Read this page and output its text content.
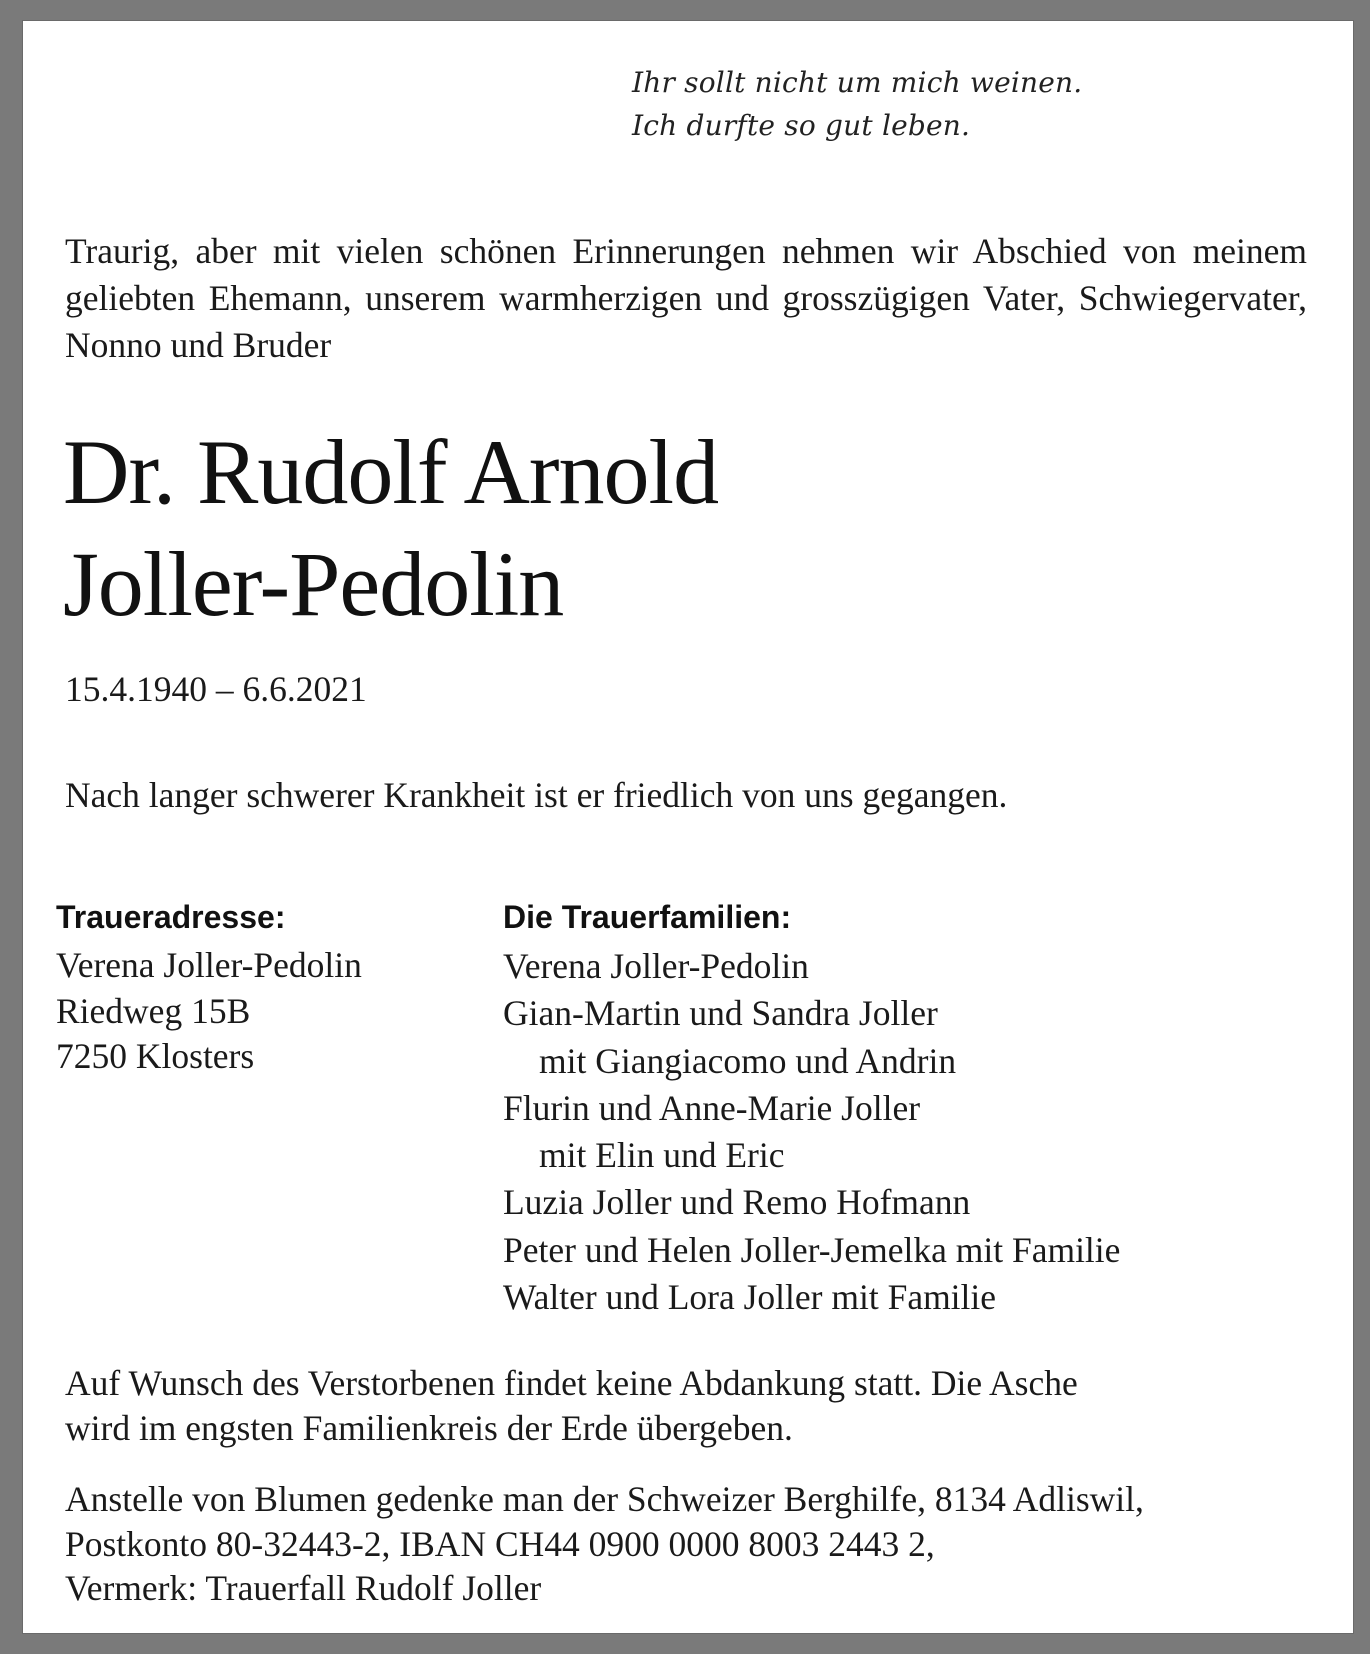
Ihr sollt nicht um mich weinen.
Ich durfte so gut leben.
Traurig, aber mit vielen schönen Erinnerungen nehmen wir Abschied von meinem geliebten Ehemann, unserem warmherzigen und grosszügigen Vater, Schwiegervater, Nonno und Bruder
Dr. Rudolf Arnold
Joller-Pedolin
15.4.1940 – 6.6.2021
Nach langer schwerer Krankheit ist er friedlich von uns gegangen.
Traueradresse:
Verena Joller-Pedolin
Riedweg 15B
7250 Klosters
Die Trauerfamilien:
Verena Joller-Pedolin
Gian-Martin und Sandra Joller
mit Giangiacomo und Andrin
Flurin und Anne-Marie Joller
mit Elin und Eric
Luzia Joller und Remo Hofmann
Peter und Helen Joller-Jemelka mit Familie
Walter und Lora Joller mit Familie
Auf Wunsch des Verstorbenen findet keine Abdankung statt. Die Asche
wird im engsten Familienkreis der Erde übergeben.
Anstelle von Blumen gedenke man der Schweizer Berghilfe, 8134 Adliswil,
Postkonto 80-32443-2, IBAN CH44 0900 0000 8003 2443 2,
Vermerk: Trauerfall Rudolf Joller
